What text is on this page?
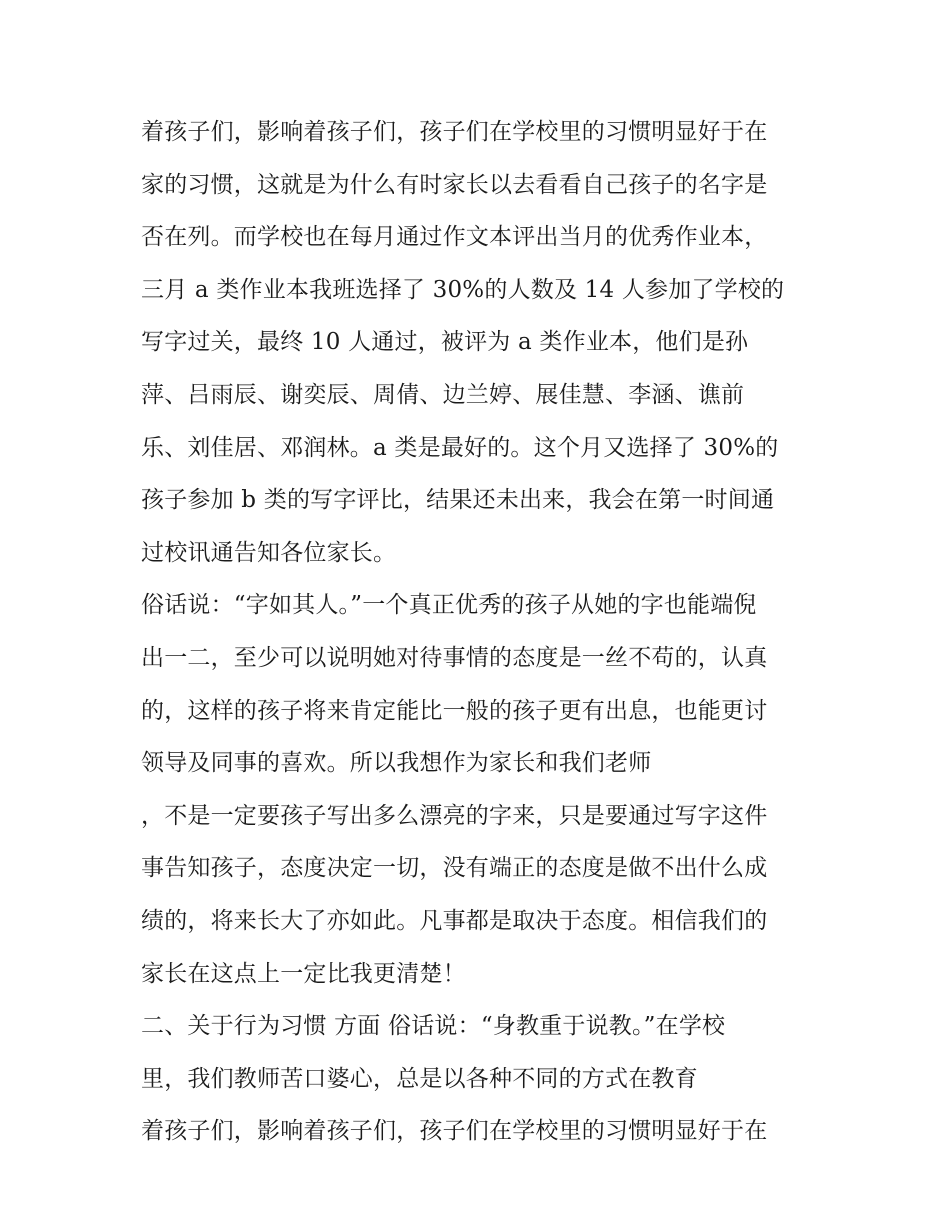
着孩子们，影响着孩子们，孩子们在学校里的习惯明显好于在
家的习惯，这就是为什么有时家长以去看看自己孩子的名字是
否在列。而学校也在每月通过作文本评出当月的优秀作业本，
三月 a 类作业本我班选择了 30%的人数及 14 人参加了学校的
写字过关，最终 10 人通过，被评为 a 类作业本，他们是孙
萍、吕雨辰、谢奕辰、周倩、边兰婷、展佳慧、李涵、谯前
乐、刘佳居、邓润林。a 类是最好的。这个月又选择了 30%的
孩子参加 b 类的写字评比，结果还未出来，我会在第一时间通
过校讯通告知各位家长。
俗话说：“字如其人。”一个真正优秀的孩子从她的字也能端倪
出一二，至少可以说明她对待事情的态度是一丝不苟的，认真
的，这样的孩子将来肯定能比一般的孩子更有出息，也能更讨
领导及同事的喜欢。所以我想作为家长和我们老师
，不是一定要孩子写出多么漂亮的字来，只是要通过写字这件
事告知孩子，态度决定一切，没有端正的态度是做不出什么成
绩的，将来长大了亦如此。凡事都是取决于态度。相信我们的
家长在这点上一定比我更清楚！
二、关于行为习惯 方面 俗话说：“身教重于说教。”在学校
里，我们教师苦口婆心，总是以各种不同的方式在教育
着孩子们，影响着孩子们，孩子们在学校里的习惯明显好于在
